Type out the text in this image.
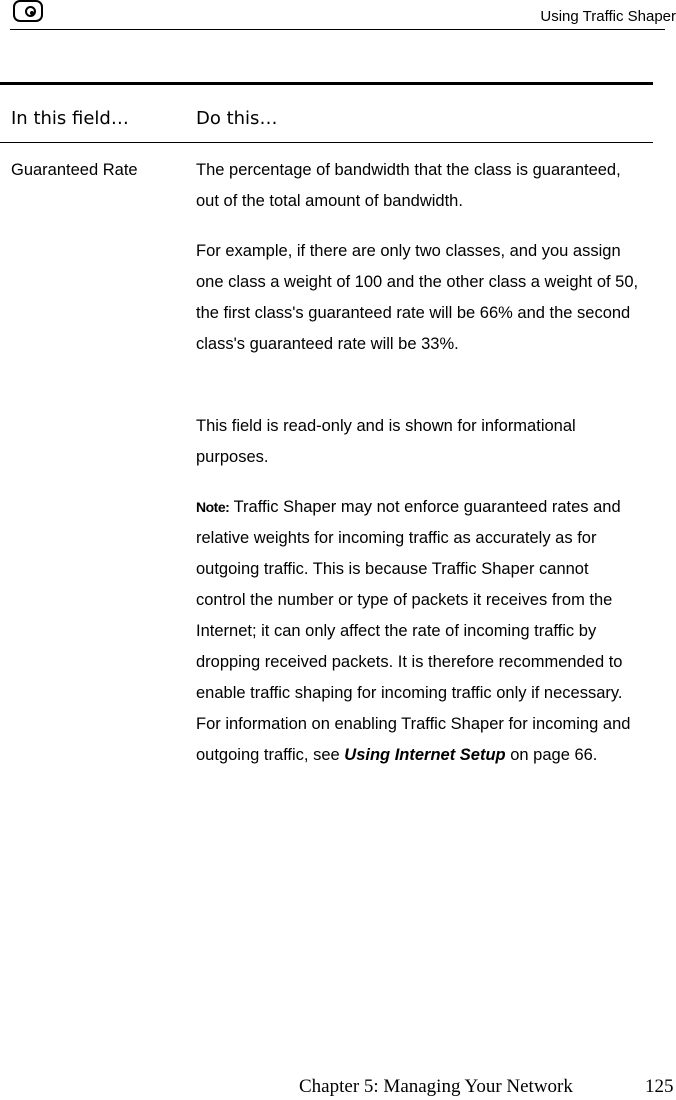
Using Traffic Shaper
In this field…	Do this…
Guaranteed Rate	The percentage of bandwidth that the class is guaranteed, out of the total amount of bandwidth.

For example, if there are only two classes, and you assign one class a weight of 100 and the other class a weight of 50, the first class's guaranteed rate will be 66% and the second class's guaranteed rate will be 33%.

This field is read-only and is shown for informational purposes.

Note: Traffic Shaper may not enforce guaranteed rates and relative weights for incoming traffic as accurately as for outgoing traffic. This is because Traffic Shaper cannot control the number or type of packets it receives from the Internet; it can only affect the rate of incoming traffic by dropping received packets. It is therefore recommended to enable traffic shaping for incoming traffic only if necessary. For information on enabling Traffic Shaper for incoming and outgoing traffic, see Using Internet Setup on page 66.

Chapter 5: Managing Your Network	125
